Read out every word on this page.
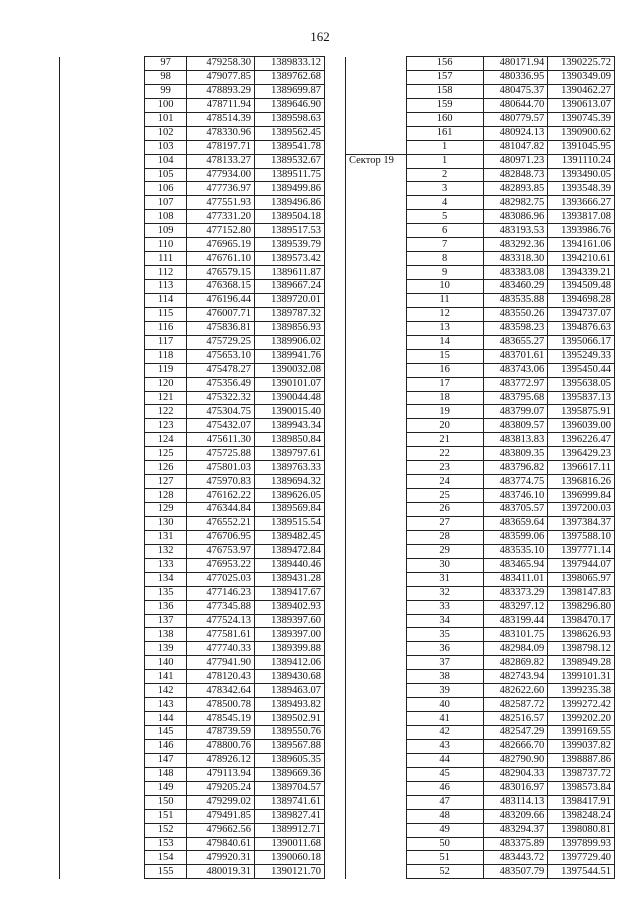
162
	97	479258.30	1389833.12
	98	479077.85	1389762.68
	99	478893.29	1389699.87
	100	478711.94	1389646.90
	101	478514.39	1389598.63
	102	478330.96	1389562.45
	103	478197.71	1389541.78
	104	478133.27	1389532.67
	105	477934.00	1389511.75
	106	477736.97	1389499.86
	107	477551.93	1389496.86
	108	477331.20	1389504.18
	109	477152.80	1389517.53
	110	476965.19	1389539.79
	111	476761.10	1389573.42
	112	476579.15	1389611.87
	113	476368.15	1389667.24
	114	476196.44	1389720.01
	115	476007.71	1389787.32
	116	475836.81	1389856.93
	117	475729.25	1389906.02
	118	475653.10	1389941.76
	119	475478.27	1390032.08
	120	475356.49	1390101.07
	121	475322.32	1390044.48
	122	475304.75	1390015.40
	123	475432.07	1389943.34
	124	475611.30	1389850.84
	125	475725.88	1389797.61
	126	475801.03	1389763.33
	127	475970.83	1389694.32
	128	476162.22	1389626.05
	129	476344.84	1389569.84
	130	476552.21	1389515.54
	131	476706.95	1389482.45
	132	476753.97	1389472.84
	133	476953.22	1389440.46
	134	477025.03	1389431.28
	135	477146.23	1389417.67
	136	477345.88	1389402.93
	137	477524.13	1389397.60
	138	477581.61	1389397.00
	139	477740.33	1389399.88
	140	477941.90	1389412.06
	141	478120.43	1389430.68
	142	478342.64	1389463.07
	143	478500.78	1389493.82
	144	478545.19	1389502.91
	145	478739.59	1389550.76
	146	478800.76	1389567.88
	147	478926.12	1389605.35
	148	479113.94	1389669.36
	149	479205.24	1389704.57
	150	479299.02	1389741.61
	151	479491.85	1389827.41
	152	479662.56	1389912.71
	153	479840.61	1390011.68
	154	479920.31	1390060.18
	155	480019.31	1390121.70
	156	480171.94	1390225.72
	157	480336.95	1390349.09
	158	480475.37	1390462.27
	159	480644.70	1390613.07
	160	480779.57	1390745.39
	161	480924.13	1390900.62
	1	481047.82	1391045.95
Сектор 19	1	480971.23	1391110.24
	2	482848.73	1393490.05
	3	482893.85	1393548.39
	4	482982.75	1393666.27
	5	483086.96	1393817.08
	6	483193.53	1393986.76
	7	483292.36	1394161.06
	8	483318.30	1394210.61
	9	483383.08	1394339.21
	10	483460.29	1394509.48
	11	483535.88	1394698.28
	12	483550.26	1394737.07
	13	483598.23	1394876.63
	14	483655.27	1395066.17
	15	483701.61	1395249.33
	16	483743.06	1395450.44
	17	483772.97	1395638.05
	18	483795.68	1395837.13
	19	483799.07	1395875.91
	20	483809.57	1396039.00
	21	483813.83	1396226.47
	22	483809.35	1396429.23
	23	483796.82	1396617.11
	24	483774.75	1396816.26
	25	483746.10	1396999.84
	26	483705.57	1397200.03
	27	483659.64	1397384.37
	28	483599.06	1397588.10
	29	483535.10	1397771.14
	30	483465.94	1397944.07
	31	483411.01	1398065.97
	32	483373.29	1398147.83
	33	483297.12	1398296.80
	34	483199.44	1398470.17
	35	483101.75	1398626.93
	36	482984.09	1398798.12
	37	482869.82	1398949.28
	38	482743.94	1399101.31
	39	482622.60	1399235.38
	40	482587.72	1399272.42
	41	482516.57	1399202.20
	42	482547.29	1399169.55
	43	482666.70	1399037.82
	44	482790.90	1398887.86
	45	482904.33	1398737.72
	46	483016.97	1398573.84
	47	483114.13	1398417.91
	48	483209.66	1398248.24
	49	483294.37	1398080.81
	50	483375.89	1397899.93
	51	483443.72	1397729.40
	52	483507.79	1397544.51
